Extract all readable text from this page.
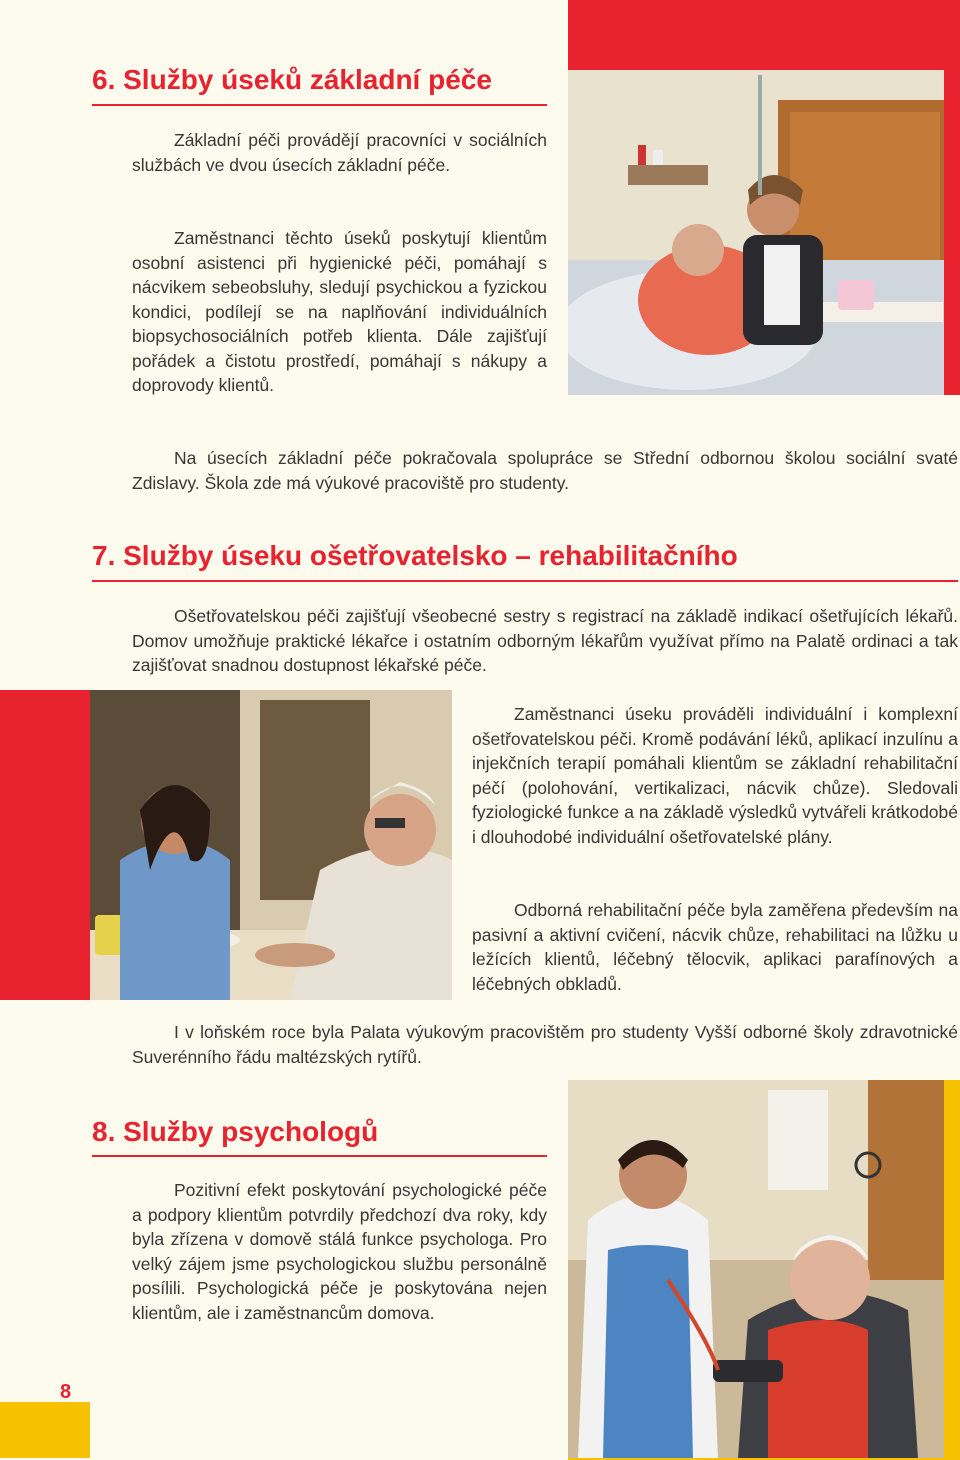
6. Služby úseků základní péče

Základní péči provádějí pracovníci v sociálních službách ve dvou úsecích základní péče.

Zaměstnanci těchto úseků poskytují klientům osobní asistenci při hygienické péči, pomáhají s nácvikem sebeobsluhy, sledují psychickou a fyzickou kondici, podílejí se na naplňování individuálních biopsychosociálních potřeb klienta. Dále zajišťují pořádek a čistotu prostředí, pomáhají s nákupy a doprovody klientů.

Na úsecích základní péče pokračovala spolupráce se Střední odbornou školou sociální svaté Zdislavy. Škola zde má výukové pracoviště pro studenty.

7. Služby úseku ošetřovatelsko – rehabilitačního

Ošetřovatelskou péči zajišťují všeobecné sestry s registrací na základě indikací ošetřujících lékařů. Domov umožňuje praktické lékařce i ostatním odborným lékařům využívat přímo na Palatě ordinaci a tak zajišťovat snadnou dostupnost lékařské péče.

Zaměstnanci úseku prováděli individuální i komplexní ošetřovatelskou péči. Kromě podávání léků, aplikací inzulínu a injekčních terapií pomáhali klientům se základní rehabilitační péčí (polohování, vertikalizaci, nácvik chůze). Sledovali fyziologické funkce a na základě výsledků vytvářeli krátkodobé i dlouhodobé individuální ošetřovatelské plány.

Odborná rehabilitační péče byla zaměřena především na pasivní a aktivní cvičení, nácvik chůze, rehabilitaci na lůžku u ležících klientů, léčebný tělocvik, aplikaci parafínových a léčebných obkladů.

I v loňském roce byla Palata výukovým pracovištěm pro studenty Vyšší odborné školy zdravotnické Suverénního řádu maltézských rytířů.

8. Služby psychologů

Pozitivní efekt poskytování psychologické péče a podpory klientům potvrdily předchozí dva roky, kdy byla zřízena v domově stálá funkce psychologa. Pro velký zájem jsme psychologickou službu personálně posílili. Psychologická péče je poskytována nejen klientům, ale i zaměstnancům domova.

8
